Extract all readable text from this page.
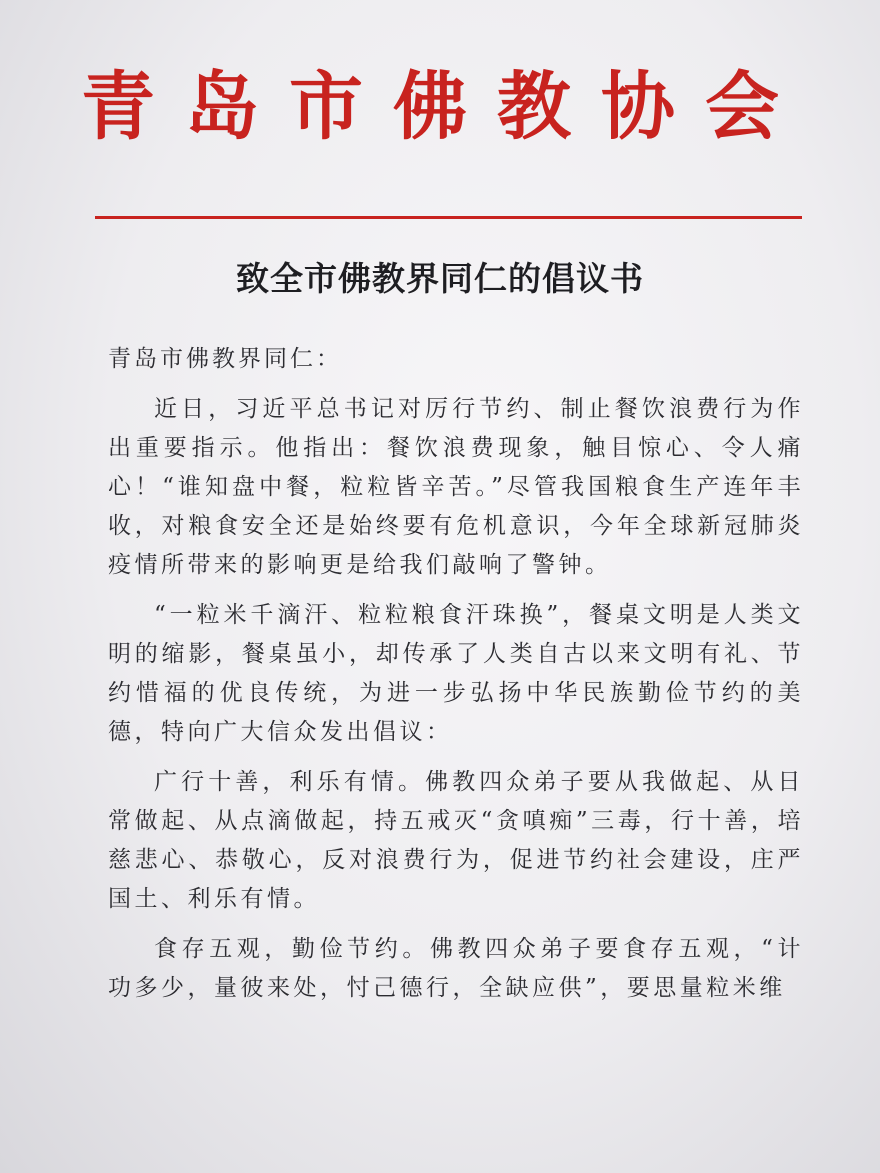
青岛市佛教协会
致全市佛教界同仁的倡议书

青岛市佛教界同仁：

近日，习近平总书记对厉行节约、制止餐饮浪费行为作出重要指示。他指出：餐饮浪费现象，触目惊心、令人痛心！“谁知盘中餐，粒粒皆辛苦。”尽管我国粮食生产连年丰收，对粮食安全还是始终要有危机意识，今年全球新冠肺炎疫情所带来的影响更是给我们敲响了警钟。

“一粒米千滴汗、粒粒粮食汗珠换”，餐桌文明是人类文明的缩影，餐桌虽小，却传承了人类自古以来文明有礼、节约惜福的优良传统，为进一步弘扬中华民族勤俭节约的美德，特向广大信众发出倡议：

广行十善，利乐有情。佛教四众弟子要从我做起、从日常做起、从点滴做起，持五戒灭“贪嗔痴”三毒，行十善，培慈悲心、恭敬心，反对浪费行为，促进节约社会建设，庄严国土、利乐有情。

食存五观，勤俭节约。佛教四众弟子要食存五观，“计功多少，量彼来处，忖己德行，全缺应供”，要思量粒米维
